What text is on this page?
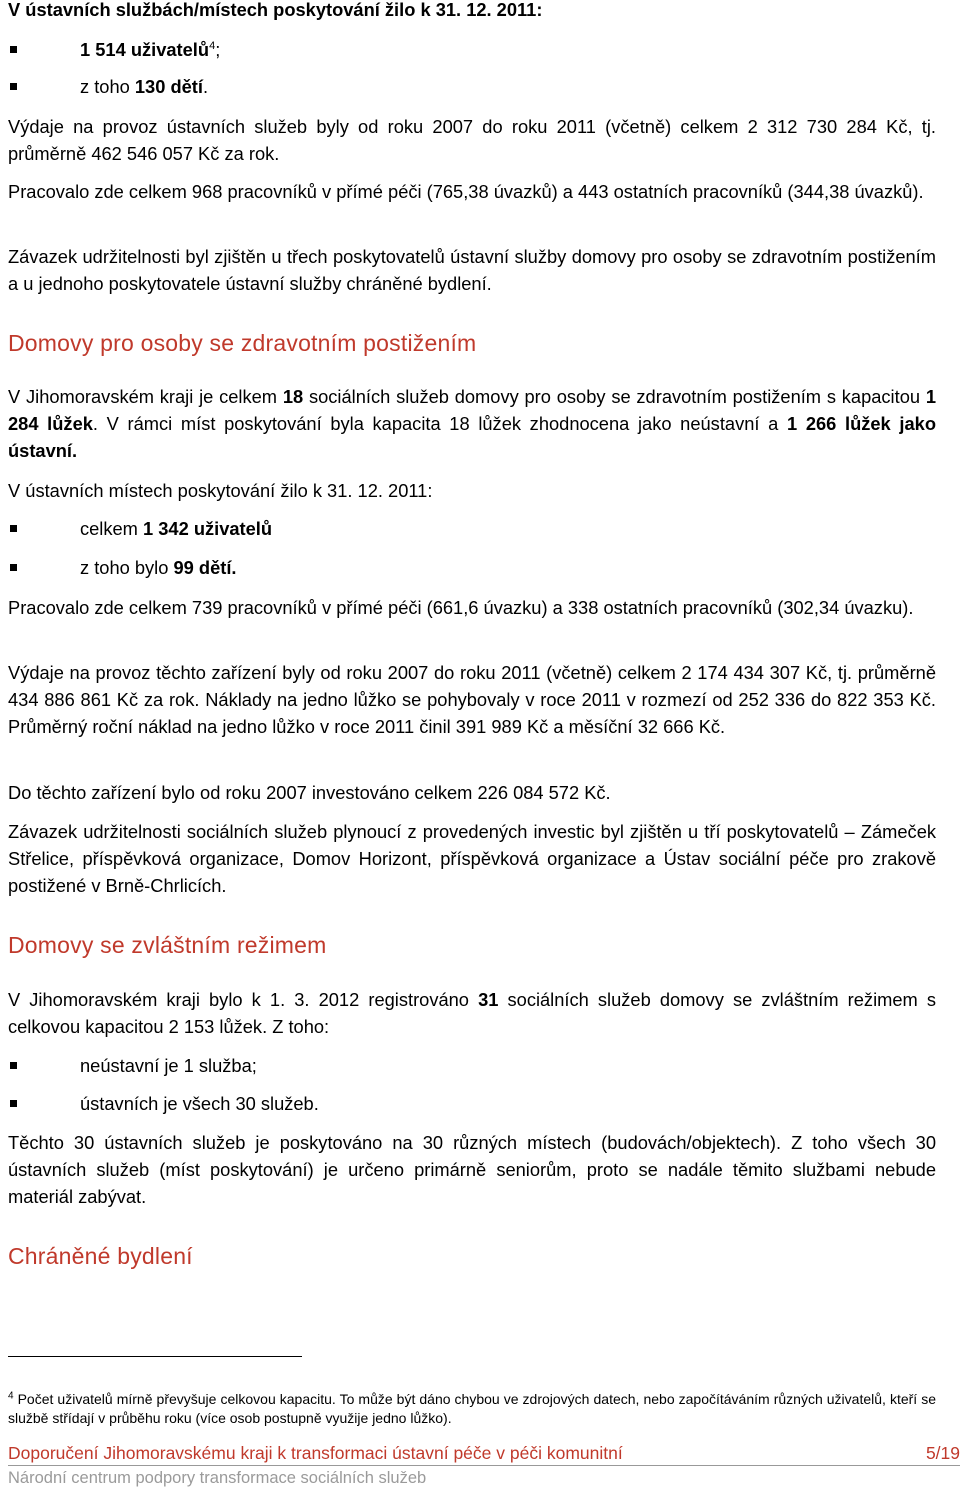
V ústavních službách/místech poskytování žilo k 31. 12. 2011:

1 514 uživatelů$^4$;
z toho 130 dětí.

Výdaje na provoz ústavních služeb byly od roku 2007 do roku 2011 (včetně) celkem 2 312 730 284 Kč, tj. průměrně 462 546 057 Kč za rok.

Pracovalo zde celkem 968 pracovníků v přímé péči (765,38 úvazků) a 443 ostatních pracovníků (344,38 úvazků).

Závazek udržitelnosti byl zjištěn u třech poskytovatelů ústavní služby domovy pro osoby se zdravotním postižením a u jednoho poskytovatele ústavní služby chráněné bydlení.

Domovy pro osoby se zdravotním postižením

V Jihomoravském kraji je celkem 18 sociálních služeb domovy pro osoby se zdravotním postižením s kapacitou 1 284 lůžek. V rámci míst poskytování byla kapacita 18 lůžek zhodnocena jako neústavní a 1 266 lůžek jako ústavní.

V ústavních místech poskytování žilo k 31. 12. 2011:

celkem 1 342 uživatelů
z toho bylo 99 dětí.

Pracovalo zde celkem 739 pracovníků v přímé péči (661,6 úvazku) a 338 ostatních pracovníků (302,34 úvazku).

Výdaje na provoz těchto zařízení byly od roku 2007 do roku 2011 (včetně) celkem 2 174 434 307 Kč, tj. průměrně 434 886 861 Kč za rok. Náklady na jedno lůžko se pohybovaly v roce 2011 v rozmezí od 252 336 do 822 353 Kč. Průměrný roční náklad na jedno lůžko v roce 2011 činil 391 989 Kč a měsíční 32 666 Kč.

Do těchto zařízení bylo od roku 2007 investováno celkem 226 084 572 Kč.

Závazek udržitelnosti sociálních služeb plynoucí z provedených investic byl zjištěn u tří poskytovatelů – Zámeček Střelice, příspěvková organizace, Domov Horizont, příspěvková organizace a Ústav sociální péče pro zrakově postižené v Brně-Chrlicích.

Domovy se zvláštním režimem

V Jihomoravském kraji bylo k 1. 3. 2012 registrováno 31 sociálních služeb domovy se zvláštním režimem s celkovou kapacitou 2 153 lůžek. Z toho:

neústavní je 1 služba;
ústavních je všech 30 služeb.

Těchto 30 ústavních služeb je poskytováno na 30 různých místech (budovách/objektech). Z toho všech 30 ústavních služeb (míst poskytování) je určeno primárně seniorům, proto se nadále těmito službami nebude materiál zabývat.

Chráněné bydlení

$^4$ Počet uživatelů mírně převyšuje celkovou kapacitu. To může být dáno chybou ve zdrojových datech, nebo započítáváním různých uživatelů, kteří se službě střídají v průběhu roku (více osob postupně využije jedno lůžko).

Doporučení Jihomoravskému kraji k transformaci ústavní péče v péči komunitní	5/19
Národní centrum podpory transformace sociálních služeb
